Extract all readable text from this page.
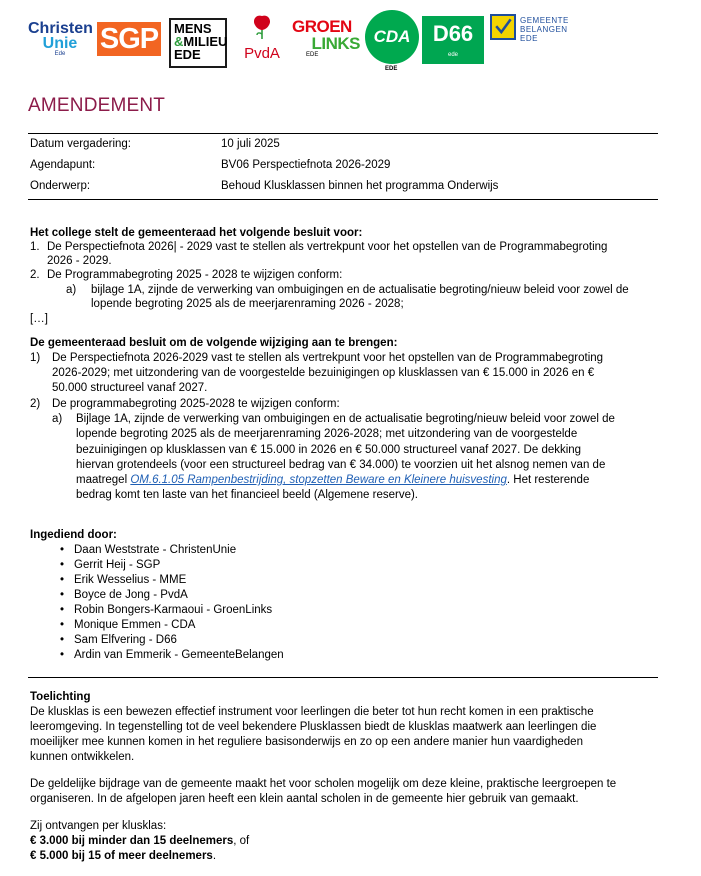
Christen
Unie
Ede	SGP MENS
&MILIEU
EDE	PvdA
GROEN
LINKS
EDE
CDA
EDE
D66
ede
GEMEENTE
BELANGEN
EDE
AMENDEMENT
Datum vergadering:	10 juli 2025
Agendapunt:	BV06 Perspectiefnota 2026-2029
Onderwerp:	Behoud Klusklassen binnen het programma Onderwijs
Het college stelt de gemeenteraad het volgende besluit voor:
1. De Perspectiefnota 2026| - 2029 vast te stellen als vertrekpunt voor het opstellen van de Programmabegroting
2026 - 2029.
2. De Programmabegroting 2025 - 2028 te wijzigen conform:
a) bijlage 1A, zijnde de verwerking van ombuigingen en de actualisatie begroting/nieuw beleid voor zowel de
lopende begroting 2025 als de meerjarenraming 2026 - 2028;
[…]
De gemeenteraad besluit om de volgende wijziging aan te brengen:
1) De Perspectiefnota 2026-2029 vast te stellen als vertrekpunt voor het opstellen van de Programmabegroting
2026-2029; met uitzondering van de voorgestelde bezuinigingen op klusklassen van € 15.000 in 2026 en €
50.000 structureel vanaf 2027.
2) De programmabegroting 2025-2028 te wijzigen conform:
a) Bijlage 1A, zijnde de verwerking van ombuigingen en de actualisatie begroting/nieuw beleid voor zowel de
lopende begroting 2025 als de meerjarenraming 2026-2028; met uitzondering van de voorgestelde
bezuinigingen op klusklassen van € 15.000 in 2026 en € 50.000 structureel vanaf 2027. De dekking
hiervan grotendeels (voor een structureel bedrag van € 34.000) te voorzien uit het alsnog nemen van de
maatregel OM.6.1.05 Rampenbestrijding, stopzetten Beware en Kleinere huisvesting. Het resterende
bedrag komt ten laste van het financieel beeld (Algemene reserve).
Ingediend door:
• Daan Weststrate - ChristenUnie
• Gerrit Heij - SGP
• Erik Wesselius - MME
• Boyce de Jong - PvdA
• Robin Bongers-Karmaoui - GroenLinks
• Monique Emmen - CDA
• Sam Elfvering - D66
• Ardin van Emmerik - GemeenteBelangen
Toelichting
De klusklas is een bewezen effectief instrument voor leerlingen die beter tot hun recht komen in een praktische
leeromgeving. In tegenstelling tot de veel bekendere Plusklassen biedt de klusklas maatwerk aan leerlingen die
moeilijker mee kunnen komen in het reguliere basisonderwijs en zo op een andere manier hun vaardigheden
kunnen ontwikkelen.
De geldelijke bijdrage van de gemeente maakt het voor scholen mogelijk om deze kleine, praktische leergroepen te
organiseren. In de afgelopen jaren heeft een klein aantal scholen in de gemeente hier gebruik van gemaakt.
Zij ontvangen per klusklas:
€ 3.000 bij minder dan 15 deelnemers, of
€ 5.000 bij 15 of meer deelnemers.
